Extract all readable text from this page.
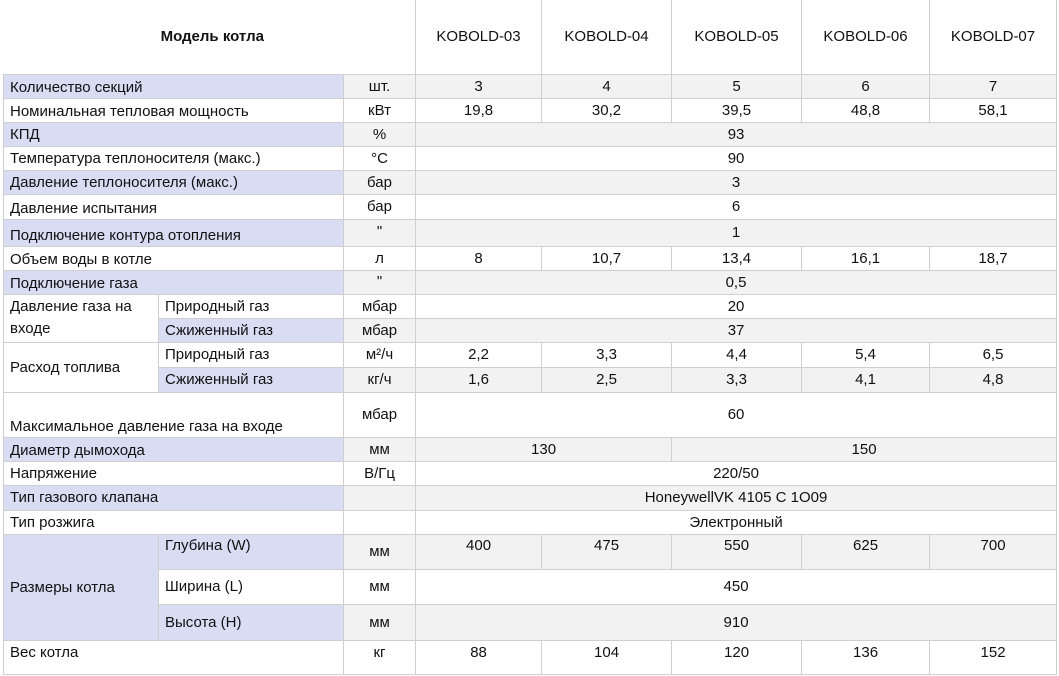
Модель котла			KOBOLD-03	KOBOLD-04	KOBOLD-05	KOBOLD-06	KOBOLD-07
Количество секций		шт.	3	4	5	6	7
Номинальная тепловая мощность		кВт	19,8	30,2	39,5	48,8	58,1
КПД		%	93				
Температура теплоносителя (макс.)		°С	90				
Давление теплоносителя (макс.)		бар	3				
Давление испытания		бар	6				
Подключение контура отопления		"	1				
Объем воды в котле		л	8	10,7	13,4	16,1	18,7
Подключение газа		"	0,5				
Давление газа на входе	Природный газ	мбар	20				
	Сжиженный газ	мбар	37				
Расход топлива	Природный газ	м²/ч	2,2	3,3	4,4	5,4	6,5
	Сжиженный газ	кг/ч	1,6	2,5	3,3	4,1	4,8
Максимальное давление газа на входе		мбар	60				
Диаметр дымохода		мм	130		150		
Напряжение		В/Гц	220/50				
Тип газового клапана			HoneywellVK 4105 C 1O09				
Тип розжига			Электронный				
Размеры котла	Глубина (W)	мм	400	475	550	625	700
	Ширина (L)	мм	450				
	Высота (H)	мм	910				
Вес котла		кг	88	104	120	136	152
